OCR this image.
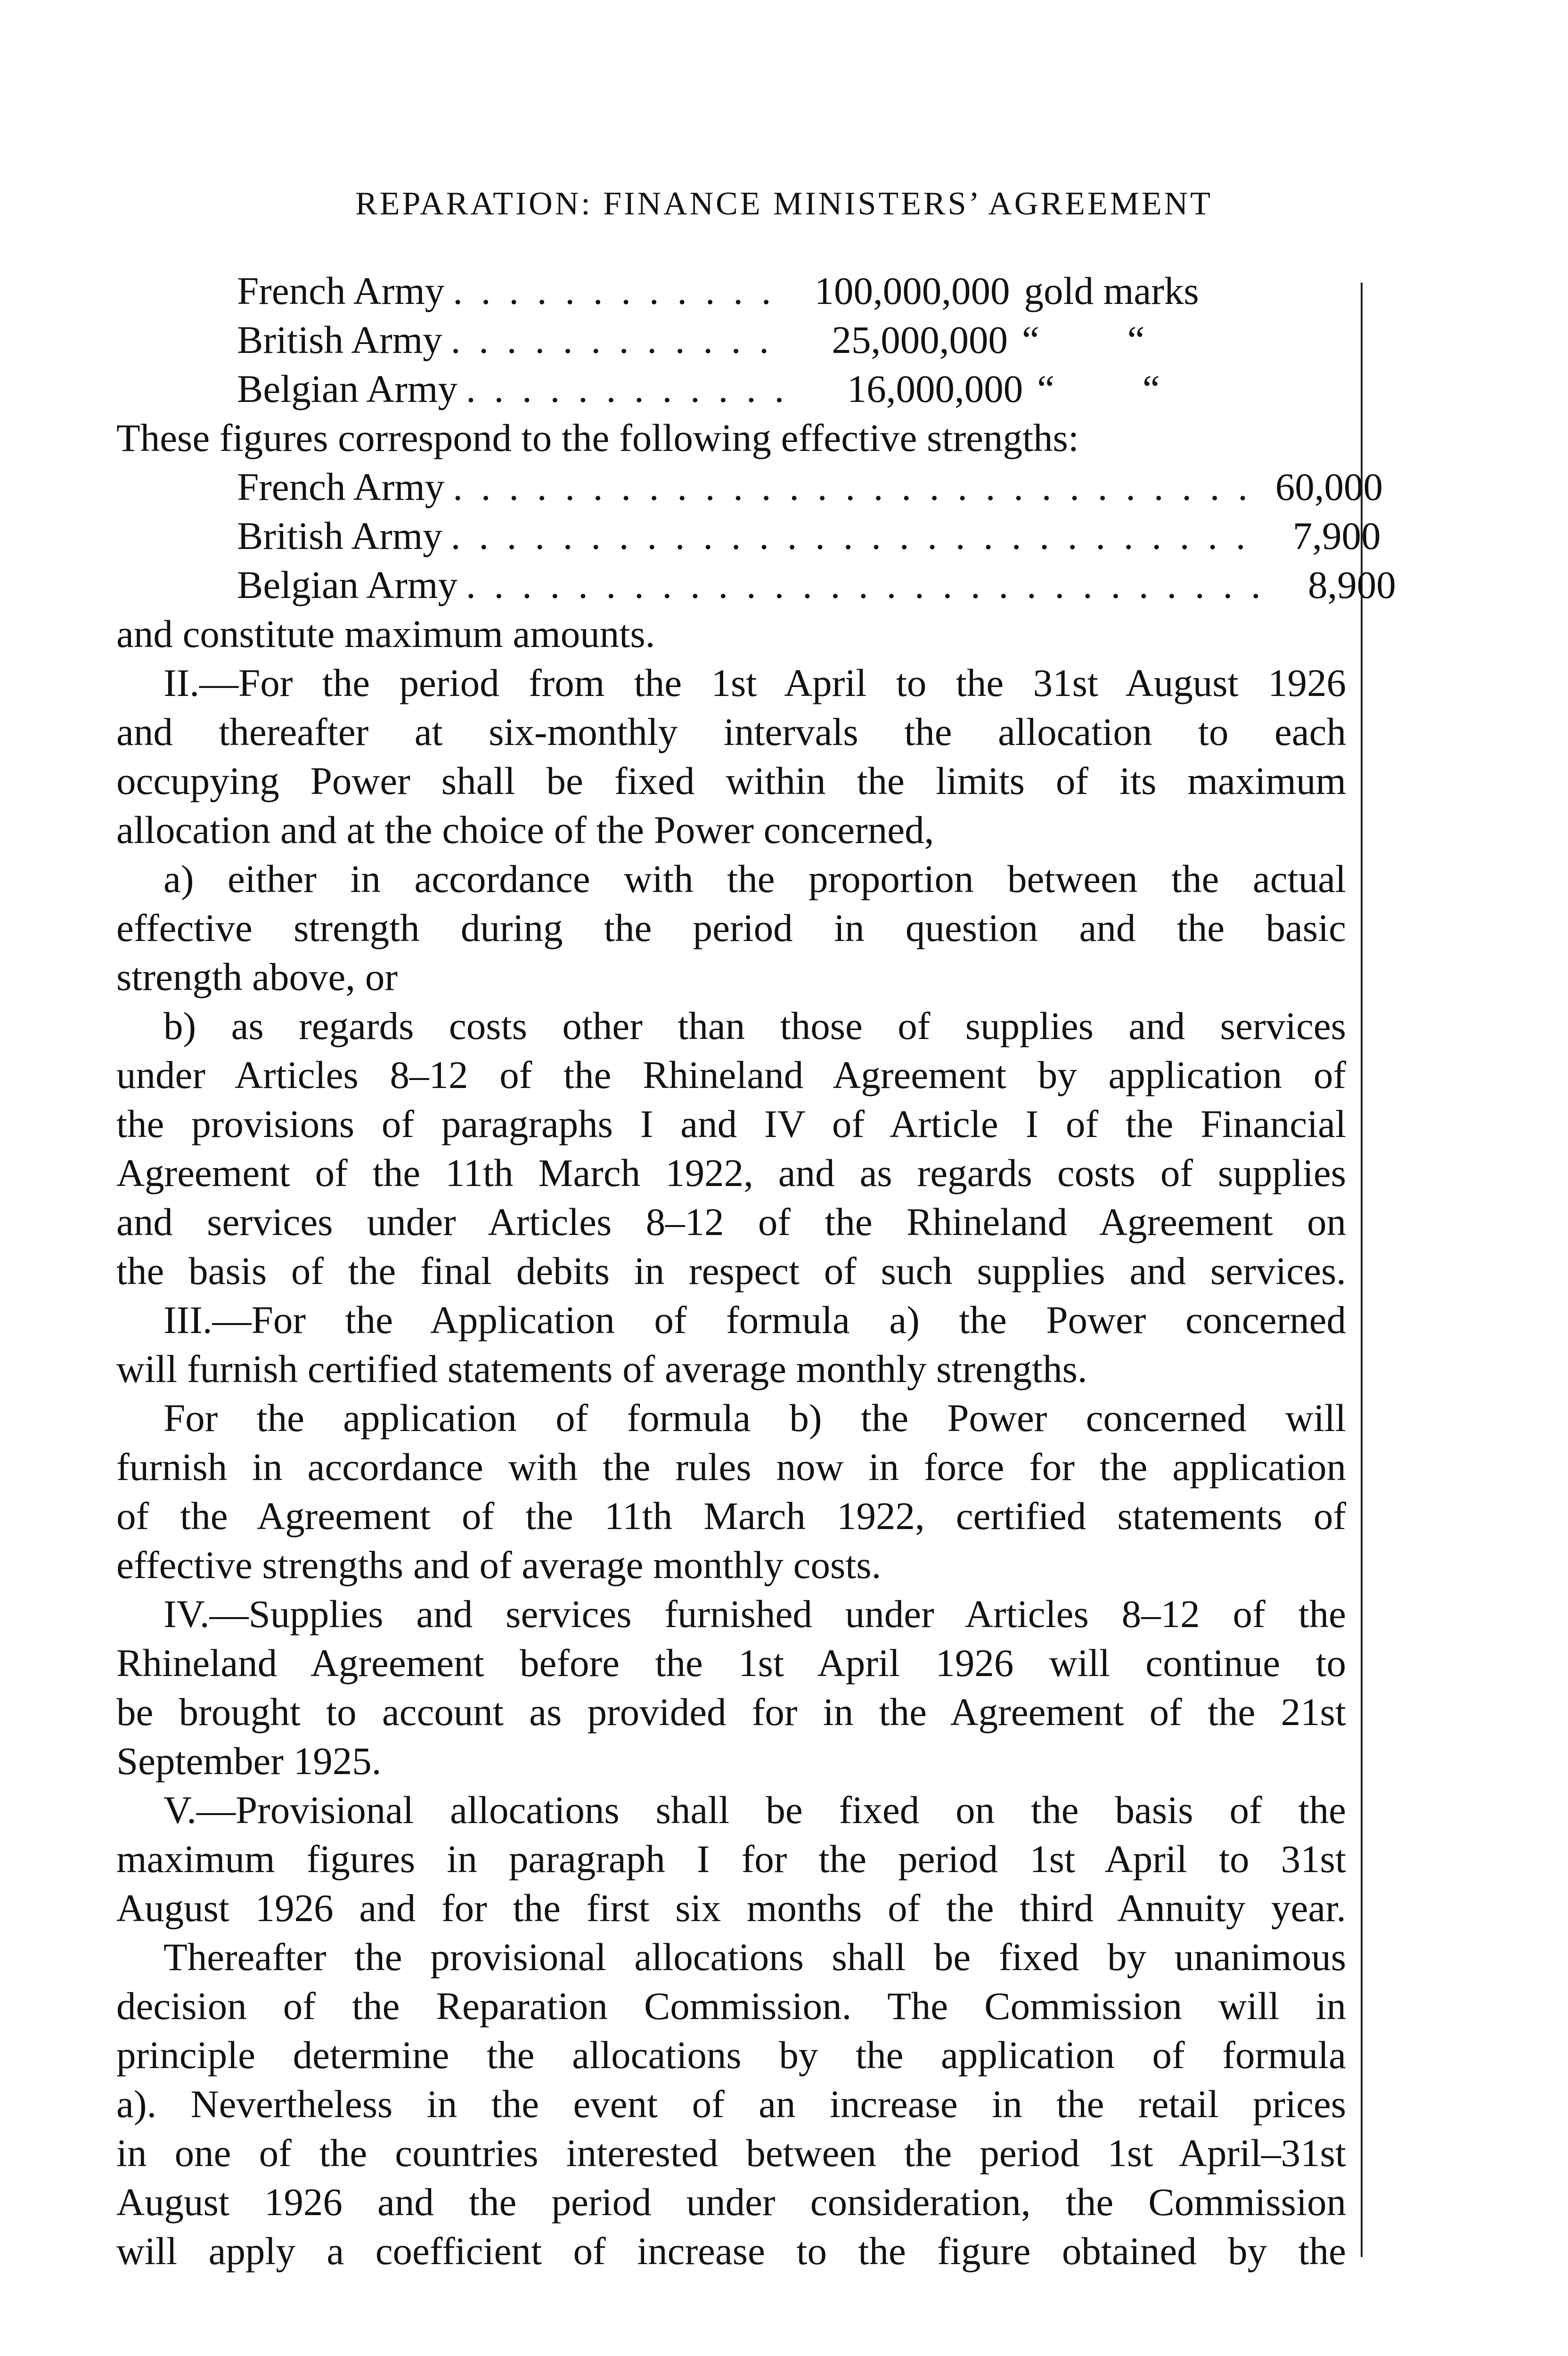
REPARATION: FINANCE MINISTERS’ AGREEMENT
French Army . . . . . . . . . . . .	100,000,000 gold marks
British Army . . . . . . . . . . . .	25,000,000 “         “
Belgian Army . . . . . . . . . . . .	16,000,000 “         “
These figures correspond to the following effective strengths:
French Army . . . . . . . . . . . . . . . . . . . . . . . . . . . . . 60,000
British Army . . . . . . . . . . . . . . . . . . . . . . . . . . . . .	7,900
Belgian Army . . . . . . . . . . . . . . . . . . . . . . . . . . . . .	8,900
and constitute maximum amounts.
II.—For the period from the 1st April to the 31st August 1926
and thereafter at six-monthly intervals the allocation to each
occupying Power shall be fixed within the limits of its maximum
allocation and at the choice of the Power concerned,
a) either in accordance with the proportion between the actual
effective strength during the period in question and the basic
strength above, or
b) as regards costs other than those of supplies and services
under Articles 8–12 of the Rhineland Agreement by application of
the provisions of paragraphs I and IV of Article I of the Financial
Agreement of the 11th March 1922, and as regards costs of supplies
and services under Articles 8–12 of the Rhineland Agreement on
the basis of the final debits in respect of such supplies and services.
III.—For the Application of formula a) the Power concerned
will furnish certified statements of average monthly strengths.
For the application of formula b) the Power concerned will
furnish in accordance with the rules now in force for the application
of the Agreement of the 11th March 1922, certified statements of
effective strengths and of average monthly costs.
IV.—Supplies and services furnished under Articles 8–12 of the
Rhineland Agreement before the 1st April 1926 will continue to
be brought to account as provided for in the Agreement of the 21st
September 1925.
V.—Provisional allocations shall be fixed on the basis of the
maximum figures in paragraph I for the period 1st April to 31st
August 1926 and for the first six months of the third Annuity year.
Thereafter the provisional allocations shall be fixed by unanimous
decision of the Reparation Commission. The Commission will in
principle determine the allocations by the application of formula
a). Nevertheless in the event of an increase in the retail prices
in one of the countries interested between the period 1st April–31st
August 1926 and the period under consideration, the Commission
will apply a coefficient of increase to the figure obtained by the
